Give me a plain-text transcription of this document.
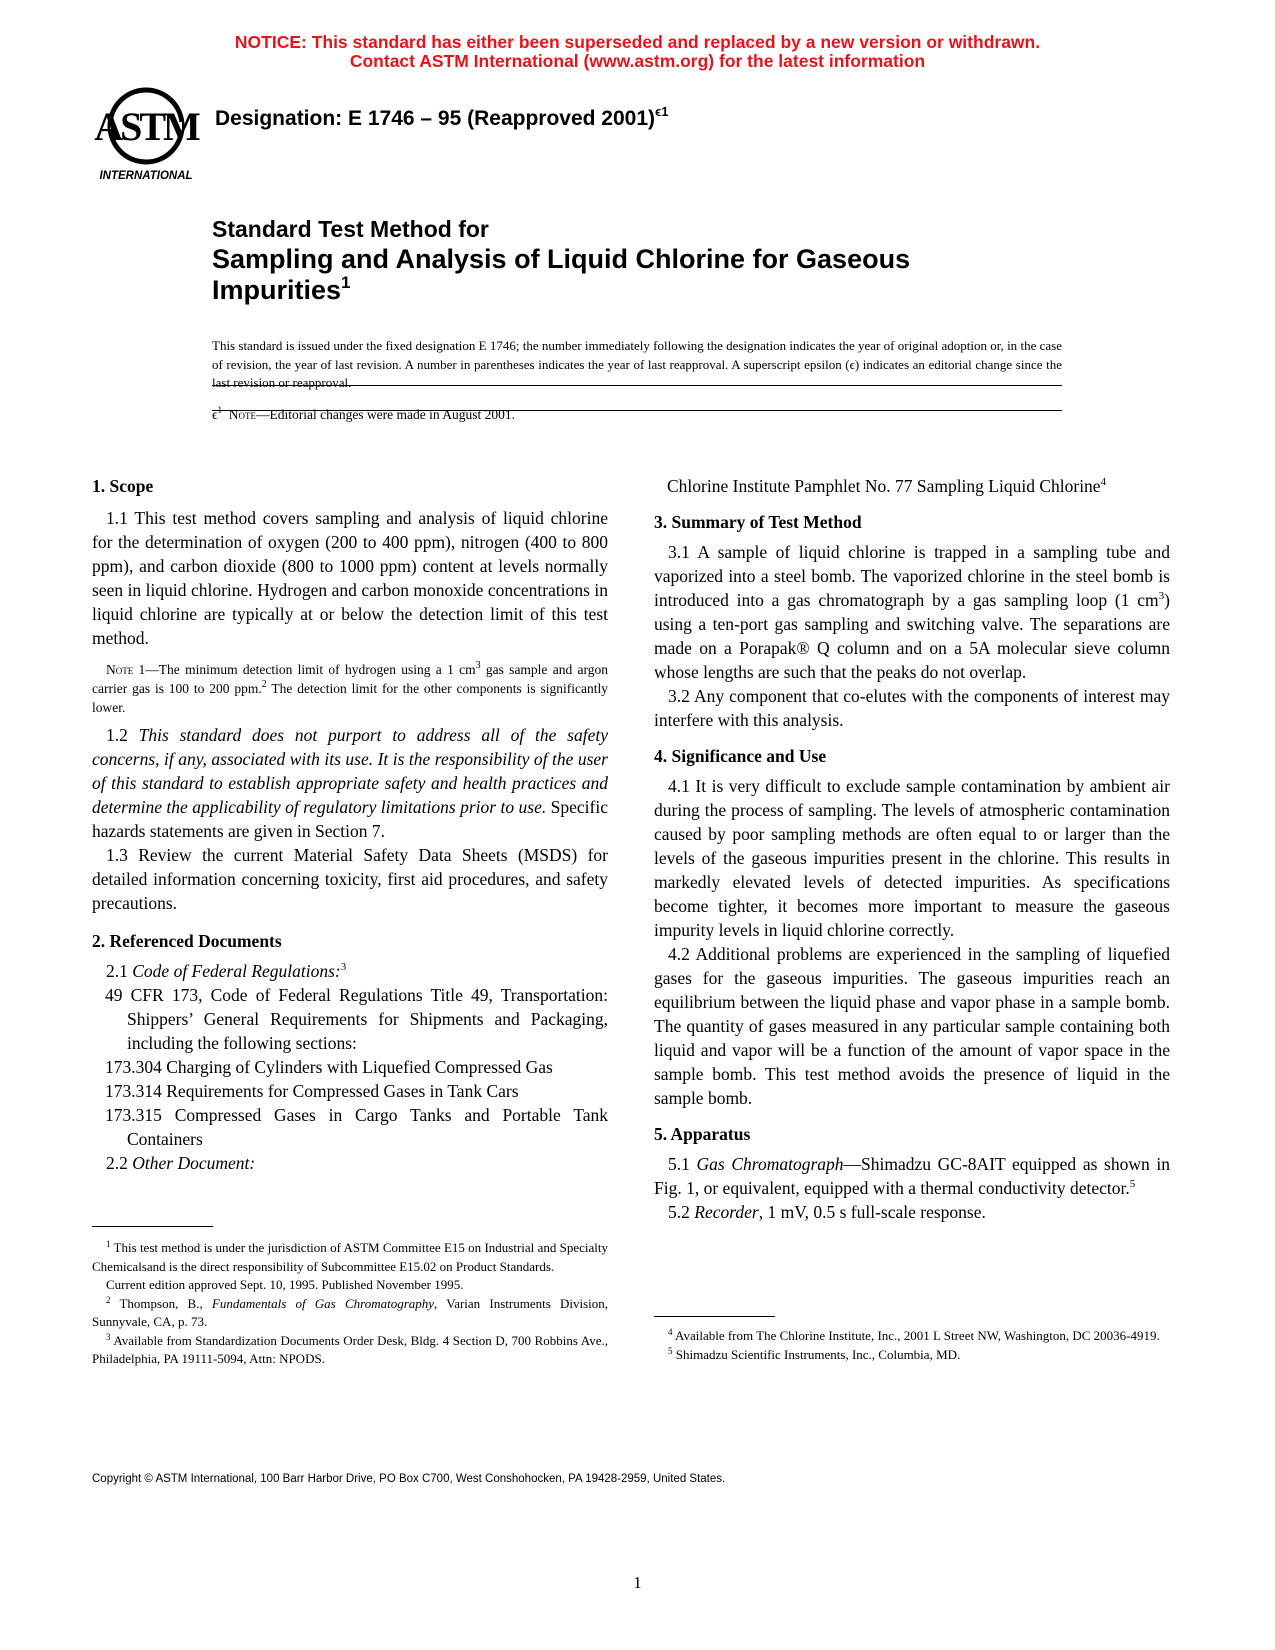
NOTICE: This standard has either been superseded and replaced by a new version or withdrawn.
Contact ASTM International (www.astm.org) for the latest information
ASTM
INTERNATIONAL
Designation: E 1746 – 95 (Reapproved 2001)$^{\epsilon 1}$
Standard Test Method for
Sampling and Analysis of Liquid Chlorine for Gaseous Impurities$^1$
This standard is issued under the fixed designation E 1746; the number immediately following the designation indicates the year of original adoption or, in the case of revision, the year of last revision. A number in parentheses indicates the year of last reapproval. A superscript epsilon (ϵ) indicates an editorial change since the last revision or reapproval.
$\epsilon^1$ Note—Editorial changes were made in August 2001.
1. Scope

1.1 This test method covers sampling and analysis of liquid chlorine for the determination of oxygen (200 to 400 ppm), nitrogen (400 to 800 ppm), and carbon dioxide (800 to 1000 ppm) content at levels normally seen in liquid chlorine. Hydrogen and carbon monoxide concentrations in liquid chlorine are typically at or below the detection limit of this test method.

Note 1—The minimum detection limit of hydrogen using a 1 $cm^3$ gas sample and argon carrier gas is 100 to 200 ppm.$^2$ The detection limit for the other components is significantly lower.

1.2 This standard does not purport to address all of the safety concerns, if any, associated with its use. It is the responsibility of the user of this standard to establish appropriate safety and health practices and determine the applicability of regulatory limitations prior to use. Specific hazards statements are given in Section 7.

1.3 Review the current Material Safety Data Sheets (MSDS) for detailed information concerning toxicity, first aid procedures, and safety precautions.

2. Referenced Documents

2.1 Code of Federal Regulations:$^3$

49 CFR 173, Code of Federal Regulations Title 49, Transportation: Shippers’ General Requirements for Shipments and Packaging, including the following sections:

173.304 Charging of Cylinders with Liquefied Compressed Gas

173.314 Requirements for Compressed Gases in Tank Cars

173.315 Compressed Gases in Cargo Tanks and Portable Tank Containers

2.2 Other Document:

$^1$ This test method is under the jurisdiction of ASTM Committee E15 on Industrial and Specialty Chemicalsand is the direct responsibility of Subcommittee E15.02 on Product Standards.

Current edition approved Sept. 10, 1995. Published November 1995.

$^2$ Thompson, B., Fundamentals of Gas Chromatography, Varian Instruments Division, Sunnyvale, CA, p. 73.

$^3$ Available from Standardization Documents Order Desk, Bldg. 4 Section D, 700 Robbins Ave., Philadelphia, PA 19111-5094, Attn: NPODS.

Chlorine Institute Pamphlet No. 77 Sampling Liquid Chlorine$^4$

3. Summary of Test Method

3.1 A sample of liquid chlorine is trapped in a sampling tube and vaporized into a steel bomb. The vaporized chlorine in the steel bomb is introduced into a gas chromatograph by a gas sampling loop (1 $cm^3$) using a ten-port gas sampling and switching valve. The separations are made on a Porapak® Q column and on a 5A molecular sieve column whose lengths are such that the peaks do not overlap.

3.2 Any component that co-elutes with the components of interest may interfere with this analysis.

4. Significance and Use

4.1 It is very difficult to exclude sample contamination by ambient air during the process of sampling. The levels of atmospheric contamination caused by poor sampling methods are often equal to or larger than the levels of the gaseous impurities present in the chlorine. This results in markedly elevated levels of detected impurities. As specifications become tighter, it becomes more important to measure the gaseous impurity levels in liquid chlorine correctly.

4.2 Additional problems are experienced in the sampling of liquefied gases for the gaseous impurities. The gaseous impurities reach an equilibrium between the liquid phase and vapor phase in a sample bomb. The quantity of gases measured in any particular sample containing both liquid and vapor will be a function of the amount of vapor space in the sample bomb. This test method avoids the presence of liquid in the sample bomb.

5. Apparatus

5.1 Gas Chromatograph—Shimadzu GC-8AIT equipped as shown in Fig. 1, or equivalent, equipped with a thermal conductivity detector.$^5$

5.2 Recorder, 1 mV, 0.5 s full-scale response.

$^4$ Available from The Chlorine Institute, Inc., 2001 L Street NW, Washington, DC 20036-4919.

$^5$ Shimadzu Scientific Instruments, Inc., Columbia, MD.

Copyright © ASTM International, 100 Barr Harbor Drive, PO Box C700, West Conshohocken, PA 19428-2959, United States.
1
